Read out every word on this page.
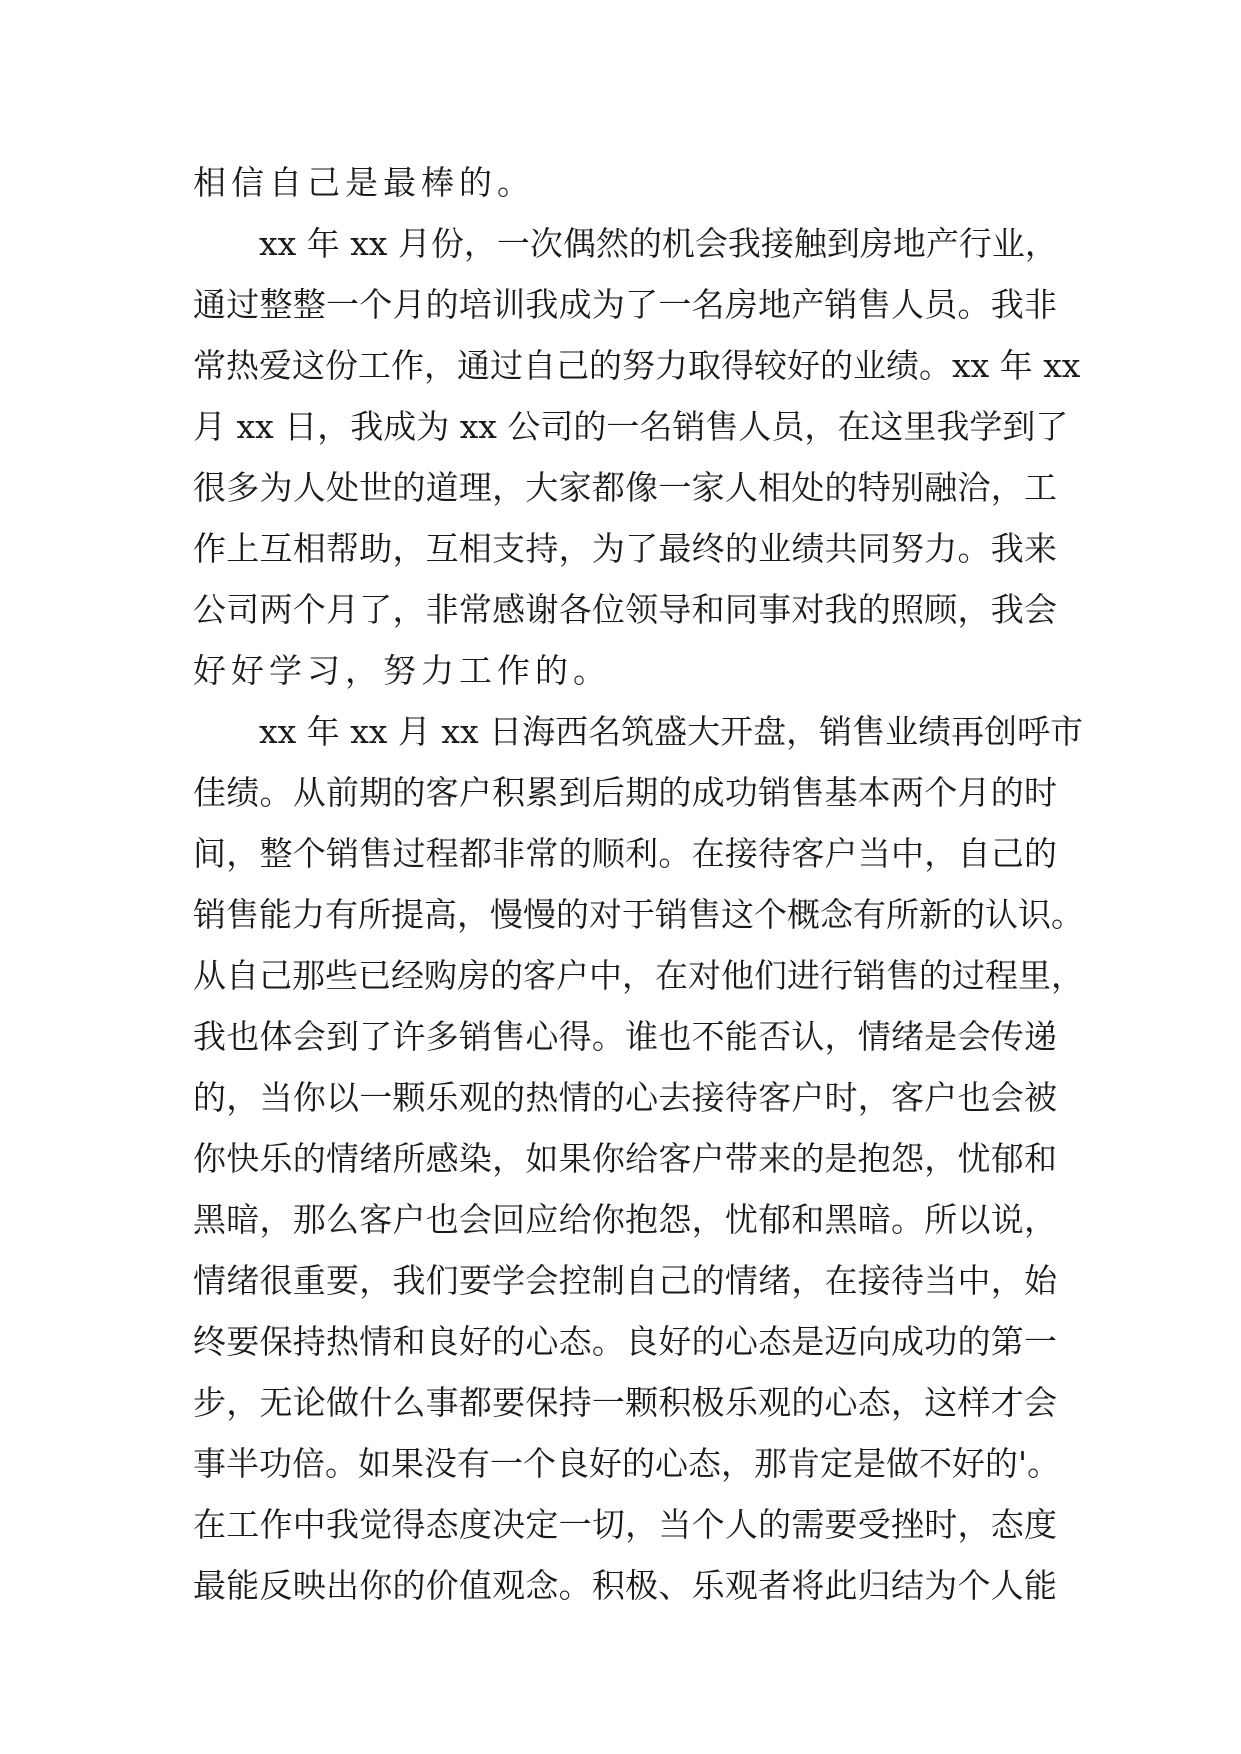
相信自己是最棒的。
xx 年 xx 月份，一次偶然的机会我接触到房地产行业，
通过整整一个月的培训我成为了一名房地产销售人员。我非
常热爱这份工作，通过自己的努力取得较好的业绩。xx 年 xx
月 xx 日，我成为 xx 公司的一名销售人员，在这里我学到了
很多为人处世的道理，大家都像一家人相处的特别融洽，工
作上互相帮助，互相支持，为了最终的业绩共同努力。我来
公司两个月了，非常感谢各位领导和同事对我的照顾，我会
好好学习，努力工作的。
xx 年 xx 月 xx 日海西名筑盛大开盘，销售业绩再创呼市
佳绩。从前期的客户积累到后期的成功销售基本两个月的时
间，整个销售过程都非常的顺利。在接待客户当中，自己的
销售能力有所提高，慢慢的对于销售这个概念有所新的认识。
从自己那些已经购房的客户中，在对他们进行销售的过程里，
我也体会到了许多销售心得。谁也不能否认，情绪是会传递
的，当你以一颗乐观的热情的心去接待客户时，客户也会被
你快乐的情绪所感染，如果你给客户带来的是抱怨，忧郁和
黑暗，那么客户也会回应给你抱怨，忧郁和黑暗。所以说，
情绪很重要，我们要学会控制自己的情绪，在接待当中，始
终要保持热情和良好的心态。良好的心态是迈向成功的第一
步，无论做什么事都要保持一颗积极乐观的心态，这样才会
事半功倍。如果没有一个良好的心态，那肯定是做不好的'。
在工作中我觉得态度决定一切，当个人的需要受挫时，态度
最能反映出你的价值观念。积极、乐观者将此归结为个人能
